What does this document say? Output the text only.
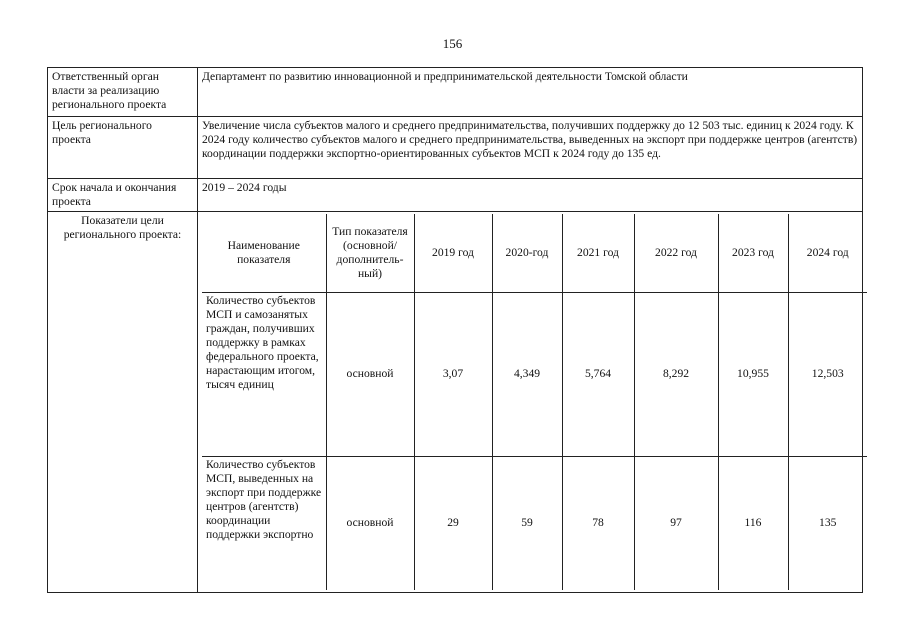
156
Ответственный орган власти за реализацию регионального проекта	Департамент по развитию инновационной и предпринимательской деятельности Томской области
Цель регионального проекта	Увеличение числа субъектов малого и среднего предпринимательства, получивших поддержку до 12 503 тыс. единиц к 2024 году. К 2024 году количество субъектов малого и среднего предпринимательства, выведенных на экспорт при поддержке центров (агентств) координации поддержки экспортно-ориентированных субъектов МСП к 2024 году до 135 ед.
Срок начала и окончания проекта	2019 – 2024 годы
Показатели цели регионального проекта:	
Наименование показателя	Тип показателя (основной/ дополнитель-ный)	2019 год	2020-год	2021 год	2022 год	2023 год	2024 год
Количество субъектов МСП и самозанятых граждан, получивших поддержку в рамках федерального проекта, нарастающим итогом, тысяч единиц	основной	3,07	4,349	5,764	8,292	10,955	12,503
Количество субъектов МСП, выведенных на экспорт при поддержке центров (агентств) координации поддержки экспортно	основной	29	59	78	97	116	135
